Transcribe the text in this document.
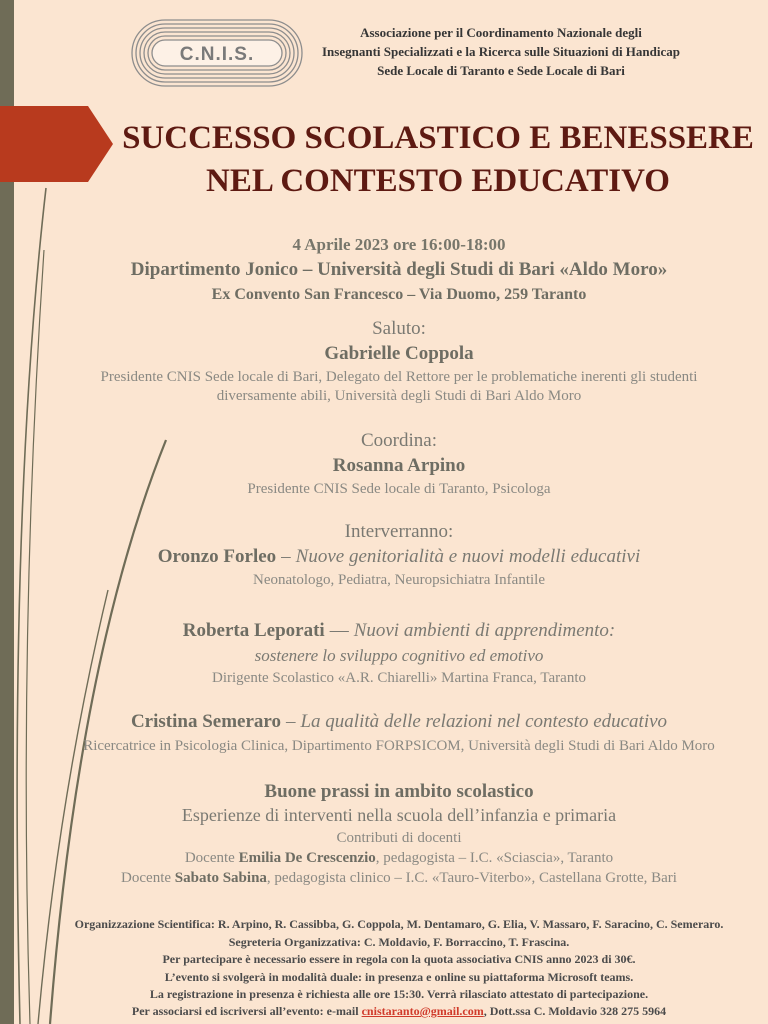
C.N.I.S.
Associazione per il Coordinamento Nazionale degli
Insegnanti Specializzati e la Ricerca sulle Situazioni di Handicap
Sede Locale di Taranto e Sede Locale di Bari
SUCCESSO SCOLASTICO E BENESSERE
NEL CONTESTO EDUCATIVO
4 Aprile 2023 ore 16:00-18:00
Dipartimento Jonico – Università degli Studi di Bari «Aldo Moro»
Ex Convento San Francesco – Via Duomo, 259 Taranto
Saluto:
Gabrielle Coppola
Presidente CNIS Sede locale di Bari, Delegato del Rettore per le problematiche inerenti gli studenti
diversamente abili, Università degli Studi di Bari Aldo Moro
Coordina:
Rosanna Arpino
Presidente CNIS Sede locale di Taranto, Psicologa
Interverranno:
Oronzo Forleo – Nuove genitorialità e nuovi modelli educativi
Neonatologo, Pediatra, Neuropsichiatra Infantile
Roberta Leporati — Nuovi ambienti di apprendimento:
sostenere lo sviluppo cognitivo ed emotivo
Dirigente Scolastico «A.R. Chiarelli» Martina Franca, Taranto
Cristina Semeraro – La qualità delle relazioni nel contesto educativo
Ricercatrice in Psicologia Clinica, Dipartimento FORPSICOM, Università degli Studi di Bari Aldo Moro
Buone prassi in ambito scolastico
Esperienze di interventi nella scuola dell’infanzia e primaria
Contributi di docenti
Docente Emilia De Crescenzio, pedagogista – I.C. «Sciascia», Taranto
Docente Sabato Sabina, pedagogista clinico – I.C. «Tauro-Viterbo», Castellana Grotte, Bari
Organizzazione Scientifica: R. Arpino, R. Cassibba, G. Coppola, M. Dentamaro, G. Elia, V. Massaro, F. Saracino, C. Semeraro.
Segreteria Organizzativa: C. Moldavio, F. Borraccino, T. Frascina.
Per partecipare è necessario essere in regola con la quota associativa CNIS anno 2023 di 30€.
L’evento si svolgerà in modalità duale: in presenza e online su piattaforma Microsoft teams.
La registrazione in presenza è richiesta alle ore 15:30. Verrà rilasciato attestato di partecipazione.
Per associarsi ed iscriversi all’evento: e-mail cnistaranto@gmail.com, Dott.ssa C. Moldavio 328 275 5964
